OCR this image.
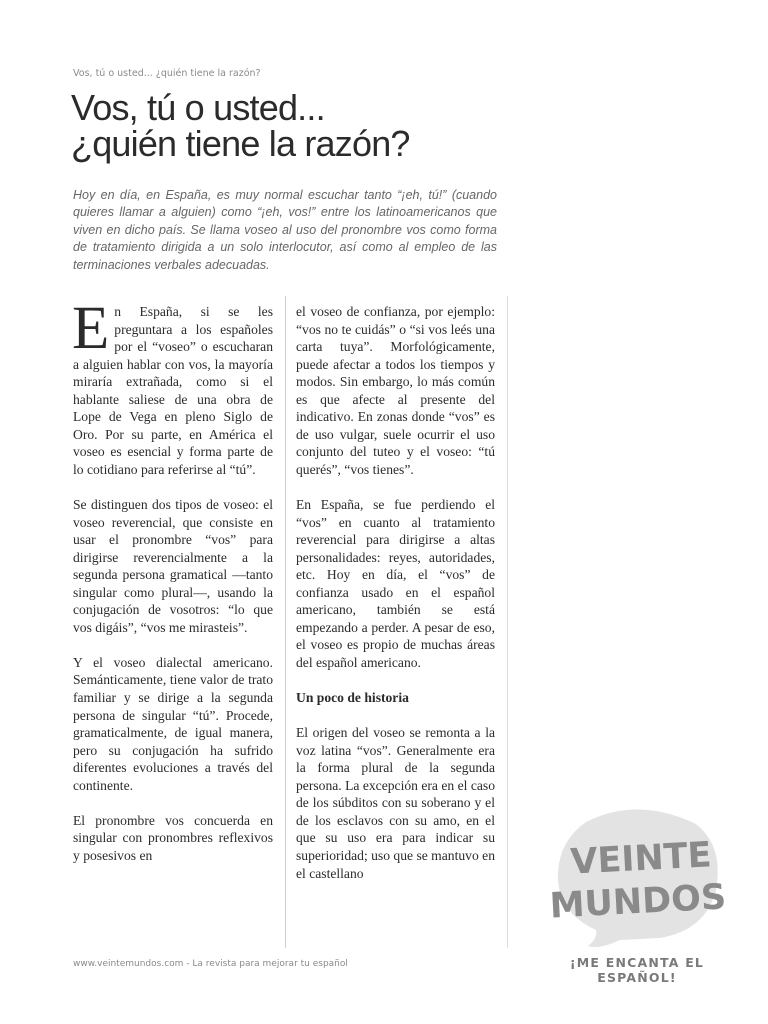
Vos, tú o usted... ¿quién tiene la razón?
Vos, tú o usted...
¿quién tiene la razón?

Hoy en día, en España, es muy normal escuchar tanto “¡eh, tú!” (cuando quieres llamar a alguien) como “¡eh, vos!” entre los latinoamericanos que viven en dicho país. Se llama voseo al uso del pronombre vos como forma de tratamiento dirigida a un solo interlocutor, así como al empleo de las terminaciones verbales adecuadas.

En España, si se les preguntara a los españoles por el “voseo” o escucharan a alguien hablar con vos, la mayoría miraría extrañada, como si el hablante saliese de una obra de Lope de Vega en pleno Siglo de Oro. Por su parte, en América el voseo es esencial y forma parte de lo cotidiano para referirse al “tú”.

Se distinguen dos tipos de voseo: el voseo reverencial, que consiste en usar el pronombre “vos” para dirigirse reverencialmente a la segunda persona gramatical —tanto singular como plural—, usando la conjugación de vosotros: “lo que vos digáis”, “vos me mirasteis”.

Y el voseo dialectal americano. Semánticamente, tiene valor de trato familiar y se dirige a la segunda persona de singular “tú”. Procede, gramaticalmente, de igual manera, pero su conjugación ha sufrido diferentes evoluciones a través del continente.

El pronombre vos concuerda en singular con pronombres reflexivos y posesivos en

el voseo de confianza, por ejemplo: “vos no te cuidás” o “si vos leés una carta tuya”. Morfológicamente, puede afectar a todos los tiempos y modos. Sin embargo, lo más común es que afecte al presente del indicativo. En zonas donde “vos” es de uso vulgar, suele ocurrir el uso conjunto del tuteo y el voseo: “tú querés”, “vos tienes”.

En España, se fue perdiendo el “vos” en cuanto al tratamiento reverencial para dirigirse a altas personalidades: reyes, autoridades, etc. Hoy en día, el “vos” de confianza usado en el español americano, también se está empezando a perder. A pesar de eso, el voseo es propio de muchas áreas del español americano.

Un poco de historia

El origen del voseo se remonta a la voz latina “vos”. Generalmente era la forma plural de la segunda persona. La excepción era en el caso de los súbditos con su soberano y el de los esclavos con su amo, en el que su uso era para indicar su superioridad; uso que se mantuvo en el castellano

www.veintemundos.com - La revista para mejorar tu español
VEINTE
MUNDOS
¡ME ENCANTA EL ESPAÑOL!
